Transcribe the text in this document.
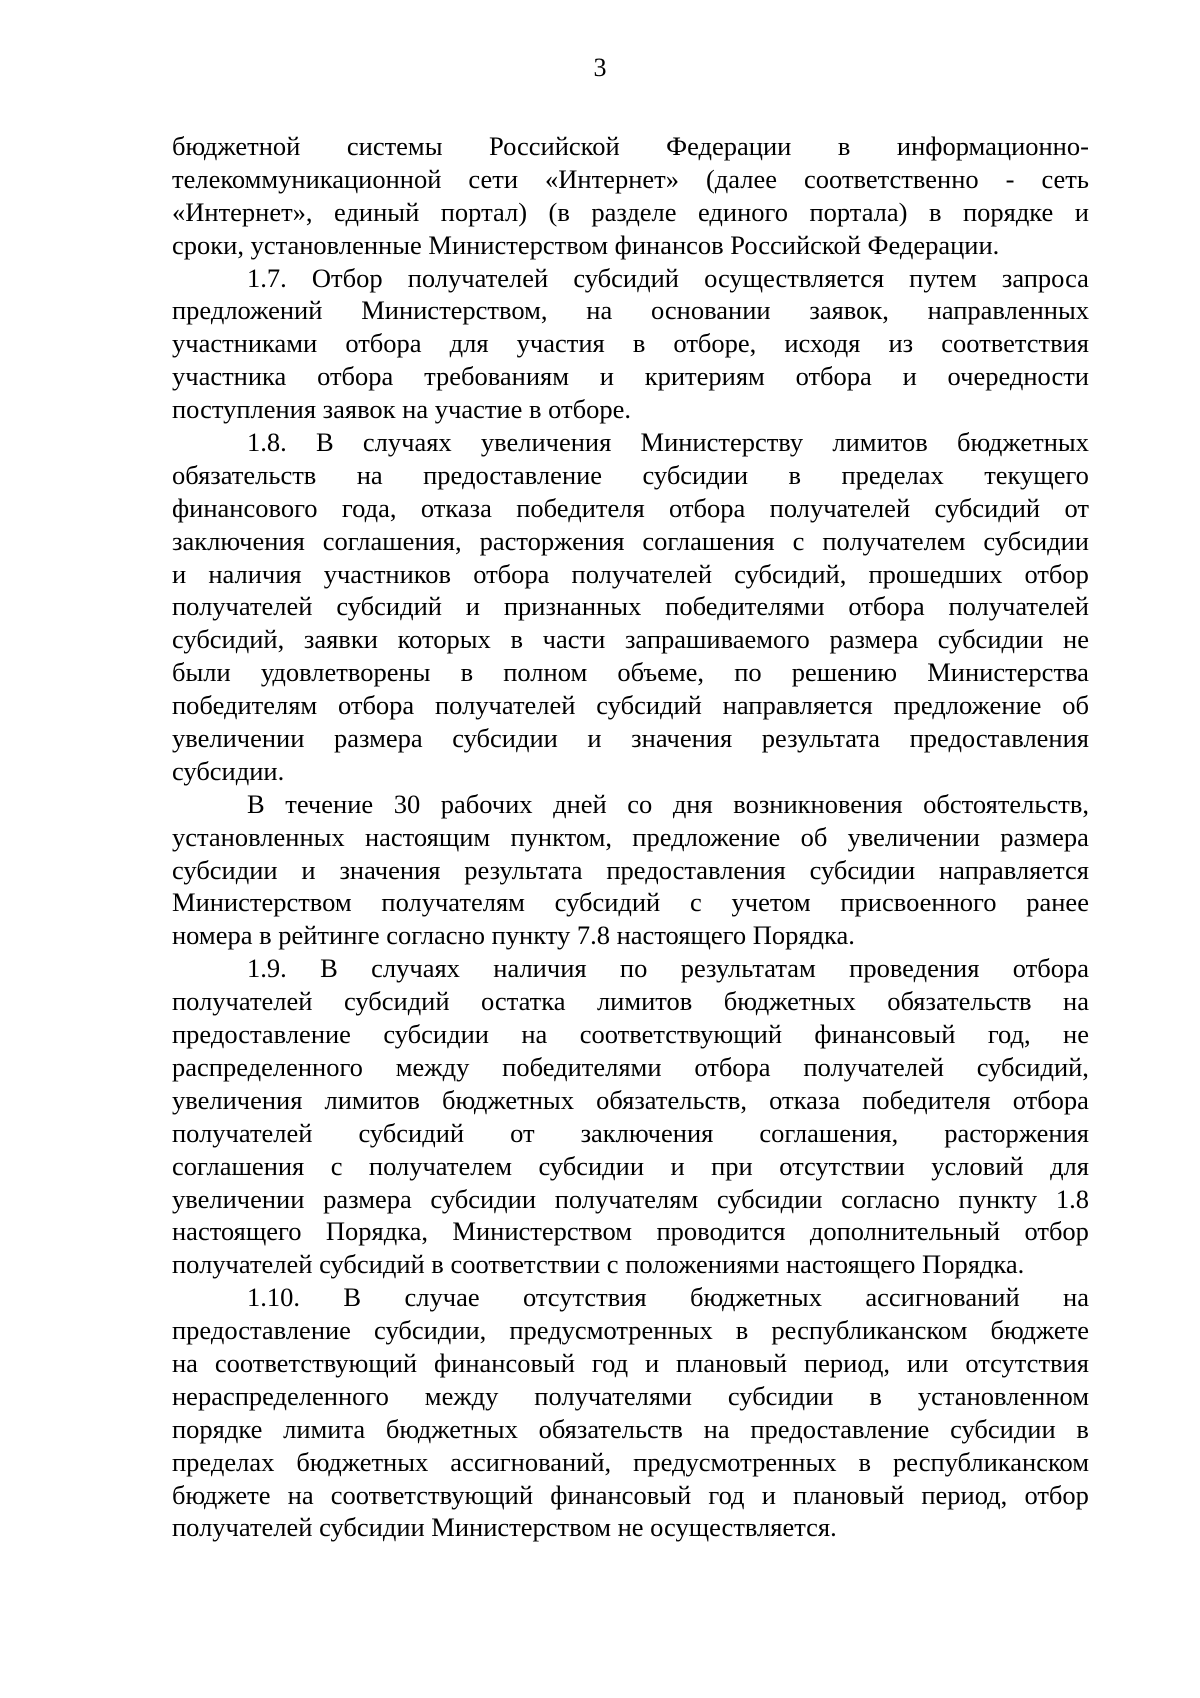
3
бюджетной системы Российской Федерации в информационно-
телекоммуникационной сети «Интернет» (далее соответственно - сеть
«Интернет», единый портал) (в разделе единого портала) в порядке и
сроки, установленные Министерством финансов Российской Федерации.
1.7. Отбор получателей субсидий осуществляется путем запроса
предложений Министерством, на основании заявок, направленных
участниками отбора для участия в отборе, исходя из соответствия
участника отбора требованиям и критериям отбора и очередности
поступления заявок на участие в отборе.
1.8. В случаях увеличения Министерству лимитов бюджетных
обязательств на предоставление субсидии в пределах текущего
финансового года, отказа победителя отбора получателей субсидий от
заключения соглашения, расторжения соглашения с получателем субсидии
и наличия участников отбора получателей субсидий, прошедших отбор
получателей субсидий и признанных победителями отбора получателей
субсидий, заявки которых в части запрашиваемого размера субсидии не
были удовлетворены в полном объеме, по решению Министерства
победителям отбора получателей субсидий направляется предложение об
увеличении размера субсидии и значения результата предоставления
субсидии.
В течение 30 рабочих дней со дня возникновения обстоятельств,
установленных настоящим пунктом, предложение об увеличении размера
субсидии и значения результата предоставления субсидии направляется
Министерством получателям субсидий с учетом присвоенного ранее
номера в рейтинге согласно пункту 7.8 настоящего Порядка.
1.9. В случаях наличия по результатам проведения отбора
получателей субсидий остатка лимитов бюджетных обязательств на
предоставление субсидии на соответствующий финансовый год, не
распределенного между победителями отбора получателей субсидий,
увеличения лимитов бюджетных обязательств, отказа победителя отбора
получателей субсидий от заключения соглашения, расторжения
соглашения с получателем субсидии и при отсутствии условий для
увеличении размера субсидии получателям субсидии согласно пункту 1.8
настоящего Порядка, Министерством проводится дополнительный отбор
получателей субсидий в соответствии с положениями настоящего Порядка.
1.10. В случае отсутствия бюджетных ассигнований на
предоставление субсидии, предусмотренных в республиканском бюджете
на соответствующий финансовый год и плановый период, или отсутствия
нераспределенного между получателями субсидии в установленном
порядке лимита бюджетных обязательств на предоставление субсидии в
пределах бюджетных ассигнований, предусмотренных в республиканском
бюджете на соответствующий финансовый год и плановый период, отбор
получателей субсидии Министерством не осуществляется.
